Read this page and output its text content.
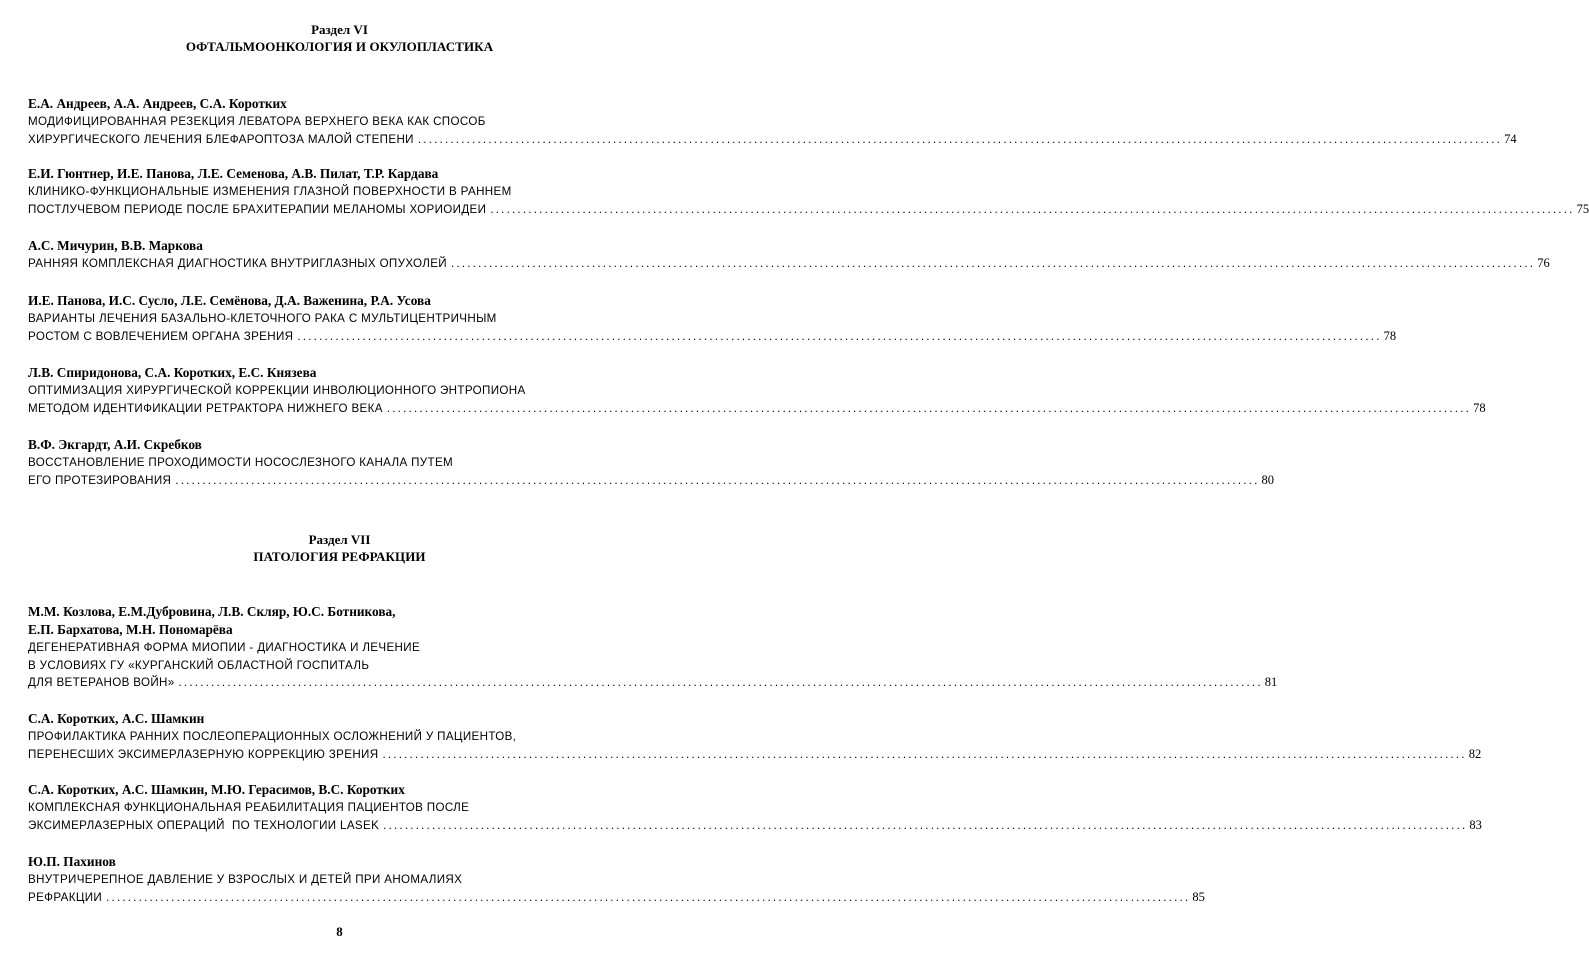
Раздел VI
ОФТАЛЬМООНКОЛОГИЯ И ОКУЛОПЛАСТИКА
Е.А. Андреев, А.А. Андреев, С.А. Коротких
МОДИФИЦИРОВАННАЯ РЕЗЕКЦИЯ ЛЕВАТОРА ВЕРХНЕГО ВЕКА КАК СПОСОБ
ХИРУРГИЧЕСКОГО ЛЕЧЕНИЯ БЛЕФАРОПТОЗА МАЛОЙ СТЕПЕНИ ........................................................................................................................................................................................................ 74
Е.И. Гюнтнер, И.Е. Панова, Л.Е. Семенова, А.В. Пилат, Т.Р. Кардава
КЛИНИКО-ФУНКЦИОНАЛЬНЫЕ ИЗМЕНЕНИЯ ГЛАЗНОЙ ПОВЕРХНОСТИ В РАННЕМ
ПОСТЛУЧЕВОМ ПЕРИОДЕ ПОСЛЕ БРАХИТЕРАПИИ МЕЛАНОМЫ ХОРИОИДЕИ ........................................................................................................................................................................................................ 75
А.С. Мичурин, В.В. Маркова
РАННЯЯ КОМПЛЕКСНАЯ ДИАГНОСТИКА ВНУТРИГЛАЗНЫХ ОПУХОЛЕЙ ........................................................................................................................................................................................................ 76
И.Е. Панова, И.С. Сусло, Л.Е. Семёнова, Д.А. Важенина, Р.А. Усова
ВАРИАНТЫ ЛЕЧЕНИЯ БАЗАЛЬНО-КЛЕТОЧНОГО РАКА С МУЛЬТИЦЕНТРИЧНЫМ
РОСТОМ С ВОВЛЕЧЕНИЕМ ОРГАНА ЗРЕНИЯ ........................................................................................................................................................................................................ 78
Л.В. Спиридонова, С.А. Коротких, Е.С. Князева
ОПТИМИЗАЦИЯ ХИРУРГИЧЕСКОЙ КОРРЕКЦИИ ИНВОЛЮЦИОННОГО ЭНТРОПИОНА
МЕТОДОМ ИДЕНТИФИКАЦИИ РЕТРАКТОРА НИЖНЕГО ВЕКА ........................................................................................................................................................................................................ 78
В.Ф. Экгардт, А.И. Скребков
ВОССТАНОВЛЕНИЕ ПРОХОДИМОСТИ НОСОСЛЕЗНОГО КАНАЛА ПУТЕМ
ЕГО ПРОТЕЗИРОВАНИЯ ........................................................................................................................................................................................................ 80
Раздел VII
ПАТОЛОГИЯ РЕФРАКЦИИ
М.М. Козлова, Е.М.Дубровина, Л.В. Скляр, Ю.С. Ботникова,
Е.П. Бархатова, М.Н. Пономарёва
ДЕГЕНЕРАТИВНАЯ ФОРМА МИОПИИ - ДИАГНОСТИКА И ЛЕЧЕНИЕ
В УСЛОВИЯХ ГУ «КУРГАНСКИЙ ОБЛАСТНОЙ ГОСПИТАЛЬ
ДЛЯ ВЕТЕРАНОВ ВОЙН» ........................................................................................................................................................................................................ 81
С.А. Коротких, А.С. Шамкин
ПРОФИЛАКТИКА РАННИХ ПОСЛЕОПЕРАЦИОННЫХ ОСЛОЖНЕНИЙ У ПАЦИЕНТОВ,
ПЕРЕНЕСШИХ ЭКСИМЕРЛАЗЕРНУЮ КОРРЕКЦИЮ ЗРЕНИЯ ........................................................................................................................................................................................................ 82
С.А. Коротких, А.С. Шамкин, М.Ю. Герасимов, В.С. Коротких
КОМПЛЕКСНАЯ ФУНКЦИОНАЛЬНАЯ РЕАБИЛИТАЦИЯ ПАЦИЕНТОВ ПОСЛЕ
ЭКСИМЕРЛАЗЕРНЫХ ОПЕРАЦИЙ  ПО ТЕХНОЛОГИИ LASEK ........................................................................................................................................................................................................ 83
Ю.П. Пахинов
ВНУТРИЧЕРЕПНОЕ ДАВЛЕНИЕ У ВЗРОСЛЫХ И ДЕТЕЙ ПРИ АНОМАЛИЯХ
РЕФРАКЦИИ ........................................................................................................................................................................................................ 85
8
